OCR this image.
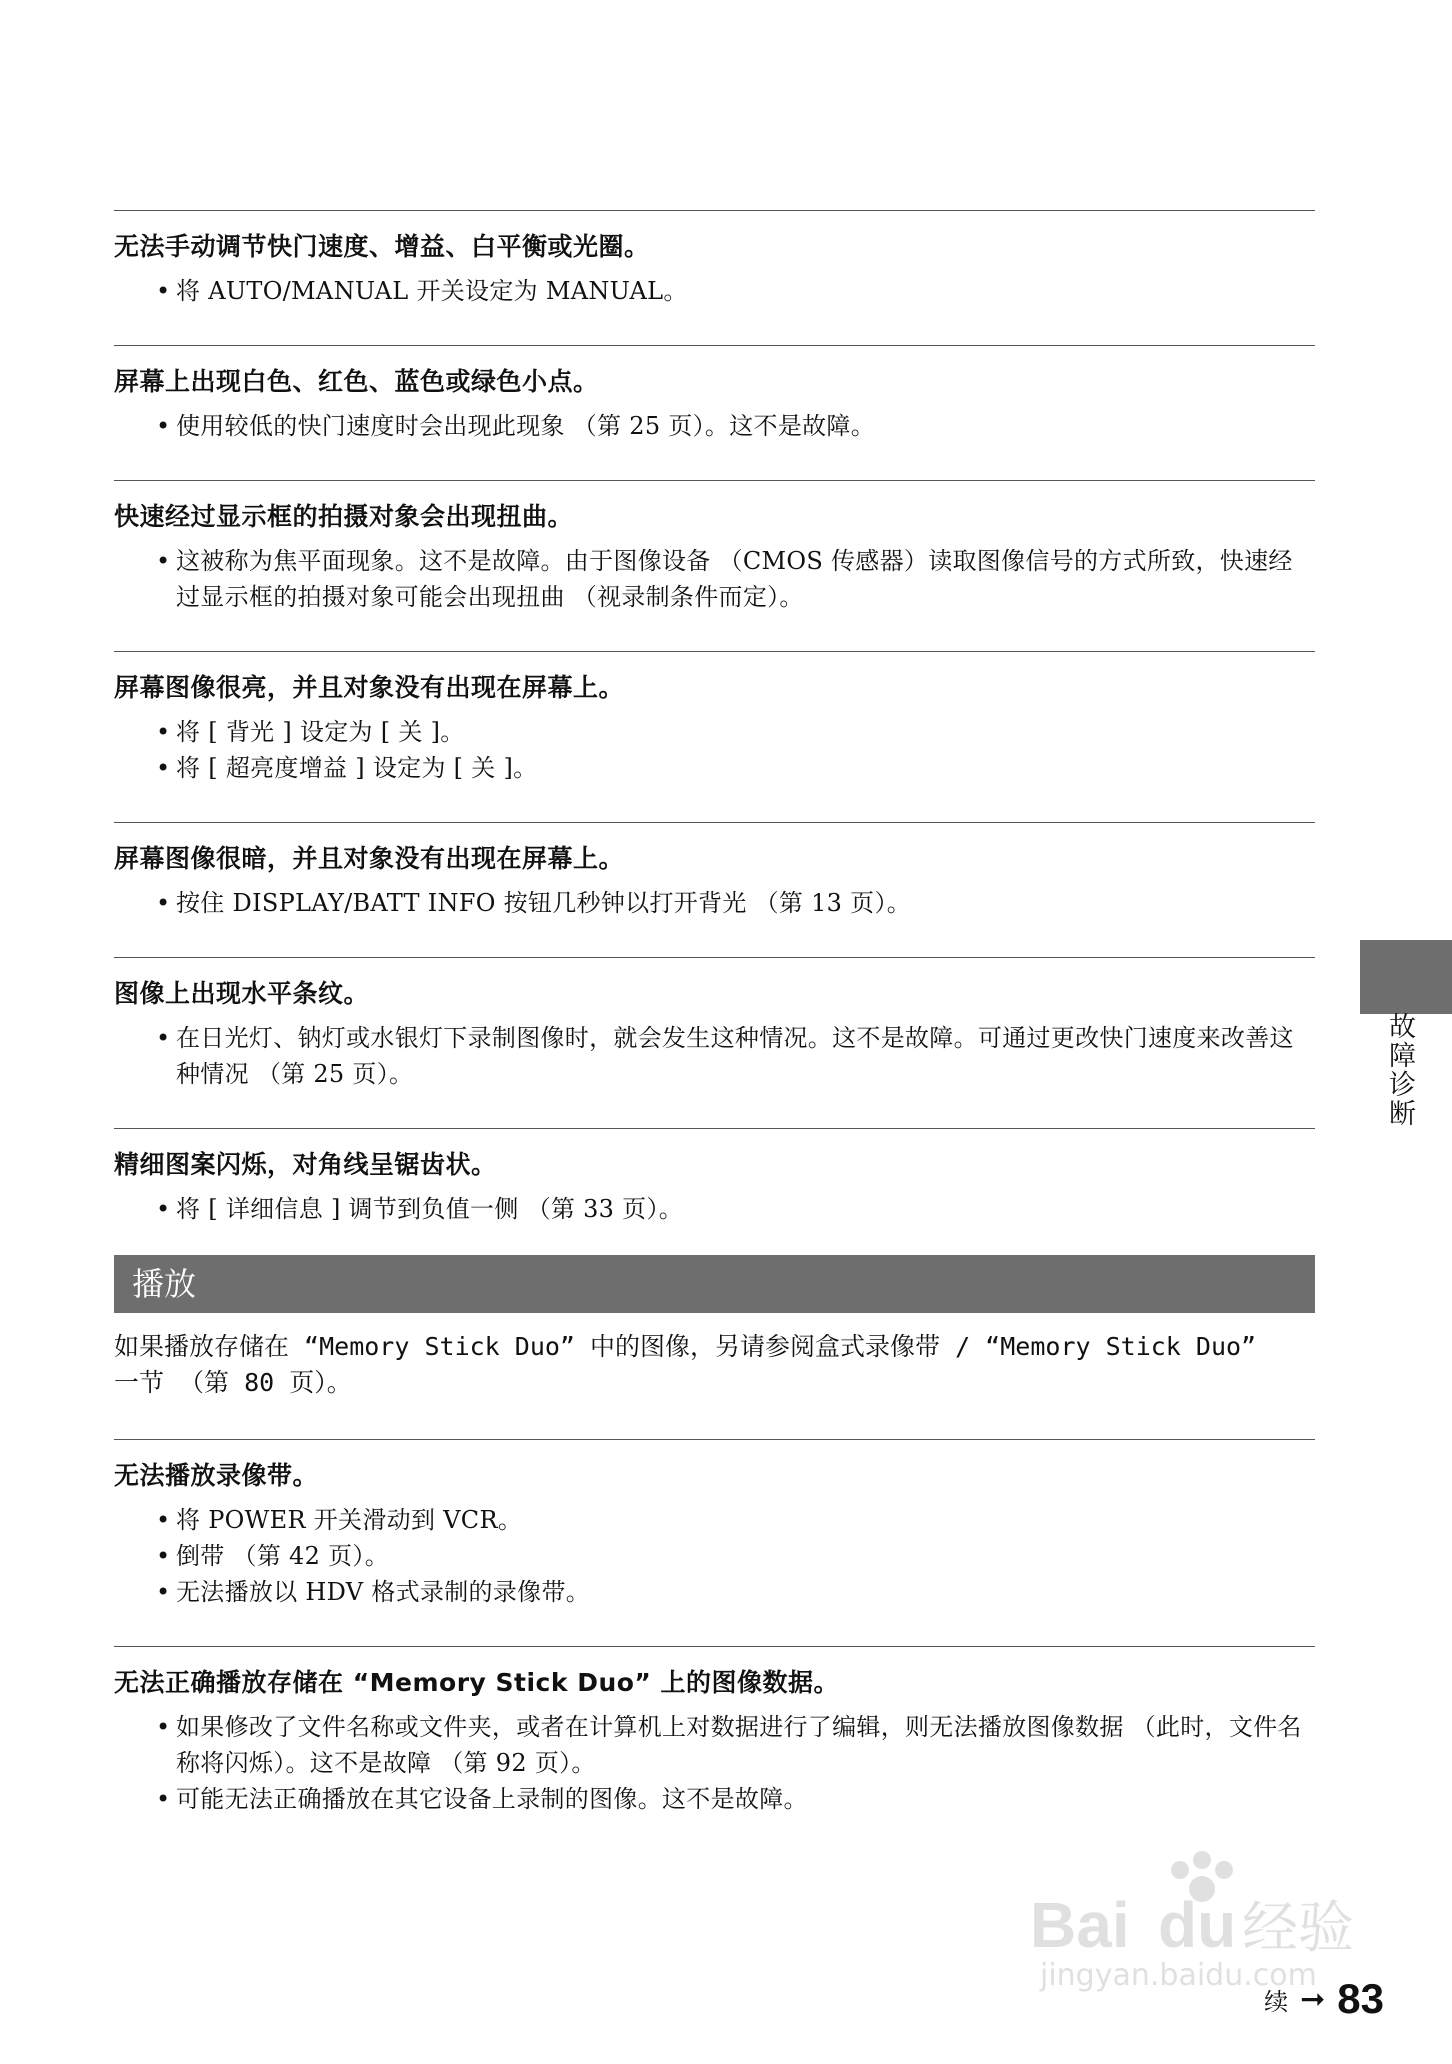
无法手动调节快门速度、增益、白平衡或光圈。
• 将 AUTO/MANUAL 开关设定为 MANUAL。
屏幕上出现白色、红色、蓝色或绿色小点。
• 使用较低的快门速度时会出现此现象 （第 25 页）。这不是故障。
快速经过显示框的拍摄对象会出现扭曲。
• 这被称为焦平面现象。这不是故障。由于图像设备 （CMOS 传感器）读取图像信号的方式所致，快速经过显示框的拍摄对象可能会出现扭曲 （视录制条件而定）。
屏幕图像很亮，并且对象没有出现在屏幕上。
• 将 [ 背光 ] 设定为 [ 关 ]。
• 将 [ 超亮度增益 ] 设定为 [ 关 ]。
屏幕图像很暗，并且对象没有出现在屏幕上。
• 按住 DISPLAY/BATT INFO 按钮几秒钟以打开背光 （第 13 页）。
图像上出现水平条纹。
• 在日光灯、钠灯或水银灯下录制图像时，就会发生这种情况。这不是故障。可通过更改快门速度来改善这种情况 （第 25 页）。
精细图案闪烁，对角线呈锯齿状。
• 将 [ 详细信息 ] 调节到负值一侧 （第 33 页）。
播放
如果播放存储在 “Memory Stick Duo” 中的图像，另请参阅盒式录像带 / “Memory Stick Duo” 一节 （第 80 页）。
无法播放录像带。
• 将 POWER 开关滑动到 VCR。
• 倒带 （第 42 页）。
• 无法播放以 HDV 格式录制的录像带。
无法正确播放存储在 “Memory Stick Duo” 上的图像数据。
• 如果修改了文件名称或文件夹，或者在计算机上对数据进行了编辑，则无法播放图像数据 （此时，文件名称将闪烁）。这不是故障 （第 92 页）。
• 可能无法正确播放在其它设备上录制的图像。这不是故障。
故障诊断
Bai du 经验
jingyan.baidu.com
续 ➞ 83
